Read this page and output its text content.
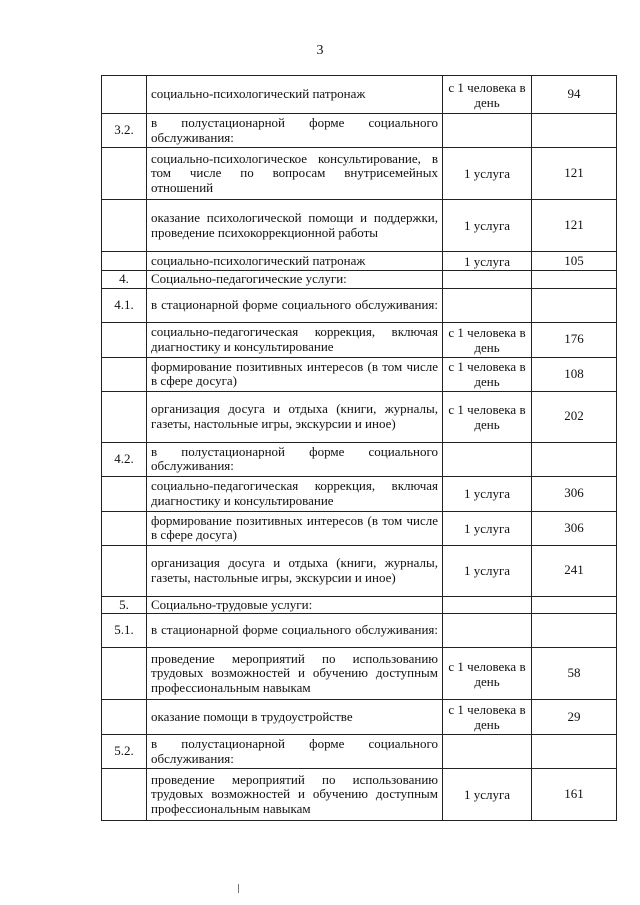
3
	социально-психологический патронаж	с 1 человека в день	94
3.2.	в полустационарной форме социального обслуживания:		
	социально-психологическое консультирование, в том числе по вопросам внутрисемейных отношений	1 услуга	121
	оказание психологической помощи и поддержки, проведение психокоррекционной работы	1 услуга	121
	социально-психологический патронаж	1 услуга	105
4.	Социально-педагогические услуги:		
4.1.	в стационарной форме социального обслуживания:		
	социально-педагогическая коррекция, включая диагностику и консультирование	с 1 человека в день	176
	формирование позитивных интересов (в том числе в сфере досуга)	с 1 человека в день	108
	организация досуга и отдыха (книги, журналы, газеты, настольные игры, экскурсии и иное)	с 1 человека в день	202
4.2.	в полустационарной форме социального обслуживания:		
	социально-педагогическая коррекция, включая диагностику и консультирование	1 услуга	306
	формирование позитивных интересов (в том числе в сфере досуга)	1 услуга	306
	организация досуга и отдыха (книги, журналы, газеты, настольные игры, экскурсии и иное)	1 услуга	241
5.	Социально-трудовые услуги:		
5.1.	в стационарной форме социального обслуживания:		
	проведение мероприятий по использованию трудовых возможностей и обучению доступным профессиональным навыкам	с 1 человека в день	58
	оказание помощи в трудоустройстве	с 1 человека в день	29
5.2.	в полустационарной форме социального обслуживания:		
	проведение мероприятий по использованию трудовых возможностей и обучению доступным профессиональным навыкам	1 услуга	161
